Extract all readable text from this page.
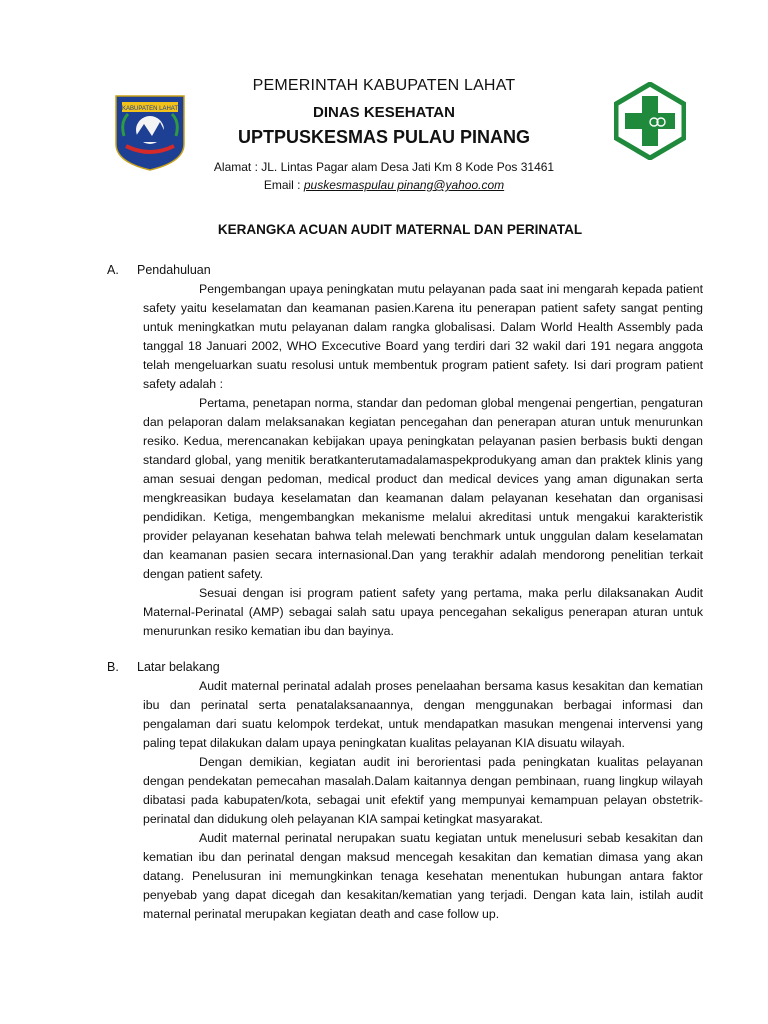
KABUPATEN LAHAT
PEMERINTAH KABUPATEN LAHAT
DINAS KESEHATAN
UPTPUSKESMAS PULAU PINANG
Alamat : JL. Lintas Pagar alam Desa Jati Km 8 Kode Pos 31461
Email : puskesmaspulau pinang@yahoo.com
KERANGKA ACUAN AUDIT MATERNAL DAN PERINATAL
A. Pendahuluan

Pengembangan upaya peningkatan mutu pelayanan pada saat ini mengarah kepada patient safety yaitu keselamatan dan keamanan pasien.Karena itu penerapan patient safety sangat penting untuk meningkatkan mutu pelayanan dalam rangka globalisasi. Dalam World Health Assembly pada tanggal 18 Januari 2002, WHO Excecutive Board yang terdiri dari 32 wakil dari 191 negara anggota telah mengeluarkan suatu resolusi untuk membentuk program patient safety. Isi dari program patient safety adalah :

Pertama, penetapan norma, standar dan pedoman global mengenai pengertian, pengaturan dan pelaporan dalam melaksanakan kegiatan pencegahan dan penerapan aturan untuk menurunkan resiko. Kedua, merencanakan kebijakan upaya peningkatan pelayanan pasien berbasis bukti dengan standard global, yang menitik beratkanterutamadalamaspekprodukyang aman dan praktek klinis yang aman sesuai dengan pedoman, medical product dan medical devices yang aman digunakan serta mengkreasikan budaya keselamatan dan keamanan dalam pelayanan kesehatan dan organisasi pendidikan. Ketiga, mengembangkan mekanisme melalui akreditasi untuk mengakui karakteristik provider pelayanan kesehatan bahwa telah melewati benchmark untuk unggulan dalam keselamatan dan keamanan pasien secara internasional.Dan yang terakhir adalah mendorong penelitian terkait dengan patient safety.

Sesuai dengan isi program patient safety yang pertama, maka perlu dilaksanakan Audit Maternal-Perinatal (AMP) sebagai salah satu upaya pencegahan sekaligus penerapan aturan untuk menurunkan resiko kematian ibu dan bayinya.

B. Latar belakang

Audit maternal perinatal adalah proses penelaahan bersama kasus kesakitan dan kematian ibu dan perinatal serta penatalaksanaannya, dengan menggunakan berbagai informasi dan pengalaman dari suatu kelompok terdekat, untuk mendapatkan masukan mengenai intervensi yang paling tepat dilakukan dalam upaya peningkatan kualitas pelayanan KIA disuatu wilayah.

Dengan demikian, kegiatan audit ini berorientasi pada peningkatan kualitas pelayanan dengan pendekatan pemecahan masalah.Dalam kaitannya dengan pembinaan, ruang lingkup wilayah dibatasi pada kabupaten/kota, sebagai unit efektif yang mempunyai kemampuan pelayan obstetrik-perinatal dan didukung oleh pelayanan KIA sampai ketingkat masyarakat.

Audit maternal perinatal nerupakan suatu kegiatan untuk menelusuri sebab kesakitan dan kematian ibu dan perinatal dengan maksud mencegah kesakitan dan kematian dimasa yang akan datang. Penelusuran ini memungkinkan tenaga kesehatan menentukan hubungan antara faktor penyebab yang dapat dicegah dan kesakitan/kematian yang terjadi. Dengan kata lain, istilah audit maternal perinatal merupakan kegiatan death and case follow up.
